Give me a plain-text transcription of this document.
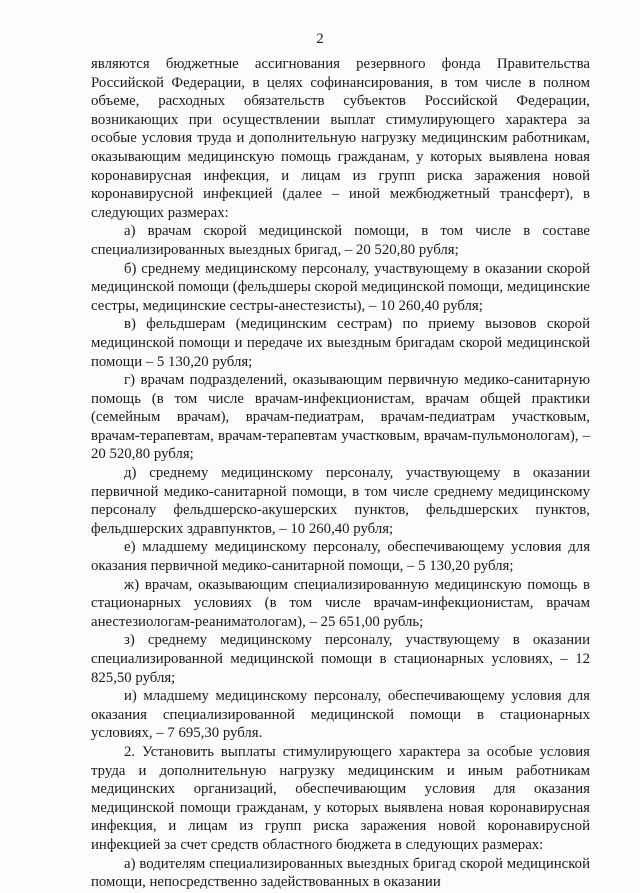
2

являются бюджетные ассигнования резервного фонда Правительства Российской Федерации, в целях софинансирования, в том числе в полном объеме, расходных обязательств субъектов Российской Федерации, возникающих при осуществлении выплат стимулирующего характера за особые условия труда и дополнительную нагрузку медицинским работникам, оказывающим медицинскую помощь гражданам, у которых выявлена новая коронавирусная инфекция, и лицам из групп риска заражения новой коронавирусной инфекцией (далее – иной межбюджетный трансферт), в следующих размерах:

а) врачам скорой медицинской помощи, в том числе в составе специализированных выездных бригад, – 20 520,80 рубля;

б) среднему медицинскому персоналу, участвующему в оказании скорой медицинской помощи (фельдшеры скорой медицинской помощи, медицинские сестры, медицинские сестры-анестезисты), – 10 260,40 рубля;

в) фельдшерам (медицинским сестрам) по приему вызовов скорой медицинской помощи и передаче их выездным бригадам скорой медицинской помощи – 5 130,20 рубля;

г) врачам подразделений, оказывающим первичную медико-санитарную помощь (в том числе врачам-инфекционистам, врачам общей практики (семейным врачам), врачам-педиатрам, врачам-педиатрам участковым, врачам-терапевтам, врачам-терапевтам участковым, врачам-пульмонологам), – 20 520,80 рубля;

д) среднему медицинскому персоналу, участвующему в оказании первичной медико-санитарной помощи, в том числе среднему медицинскому персоналу фельдшерско-акушерских пунктов, фельдшерских пунктов, фельдшерских здравпунктов, – 10 260,40 рубля;

е) младшему медицинскому персоналу, обеспечивающему условия для оказания первичной медико-санитарной помощи, – 5 130,20 рубля;

ж) врачам, оказывающим специализированную медицинскую помощь в стационарных условиях (в том числе врачам-инфекционистам, врачам анестезиологам-реаниматологам), – 25 651,00 рубль;

з) среднему медицинскому персоналу, участвующему в оказании специализированной медицинской помощи в стационарных условиях, – 12 825,50 рубля;

и) младшему медицинскому персоналу, обеспечивающему условия для оказания специализированной медицинской помощи в стационарных условиях, – 7 695,30 рубля.

2. Установить выплаты стимулирующего характера за особые условия труда и дополнительную нагрузку медицинским и иным работникам медицинских организаций, обеспечивающим условия для оказания медицинской помощи гражданам, у которых выявлена новая коронавирусная инфекция, и лицам из групп риска заражения новой коронавирусной инфекцией за счет средств областного бюджета в следующих размерах:

а) водителям специализированных выездных бригад скорой медицинской помощи, непосредственно задействованных в оказании
